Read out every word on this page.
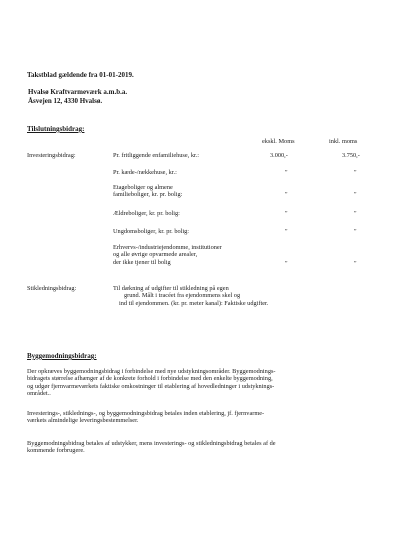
Takstblad gældende fra 01-01-2019.
Hvalsø Kraftvarmeværk a.m.b.a.
Åsvejen 12, 4330 Hvalsø.
Tilslutningsbidrag:
ekskl. Moms	inkl. moms
Investeringsbidrag:	Pr. fritliggende enfamiliehuse, kr.:	3.000,-	3.750,-
Pr. kæde-/rækkehuse, kr.:	"	"
Etageboliger og almene
familieboliger, kr. pr. bolig:	"	"
Ældreboliger, kr. pr. bolig:	"	"
Ungdomsboliger, kr. pr. bolig:	"	"
Erhvervs-/industriejendomme, institutioner
og alle øvrige opvarmede arealer,
der ikke tjener til bolig	"	"
Stikledningsbidrag:	Til dækning af udgifter til stikledning på egen
grund. Målt i tracéet fra ejendommens skel og
ind til ejendommen. (kr. pr. meter kanal): Faktiske udgifter.
Byggemodningsbidrag:
Der opkræves byggemodningsbidrag i forbindelse med nye udstykningsområder. Byggemodnings-
bidragets størrelse afhænger af de konkrete forhold i forbindelse med den enkelte byggemodning,
og udgør fjernvarmeværkets faktiske omkostninger til etablering af hovedledninger i udstyknings-
området..
Investerings-, stiklednings-, og byggemodningsbidrag betales inden etablering, jf. fjernvarme-
værkets almindelige leveringsbestemmelser.
Byggemodningsbidrag betales af udstykker, mens investerings- og stikledningsbidrag betales af de
kommende forbrugere.
